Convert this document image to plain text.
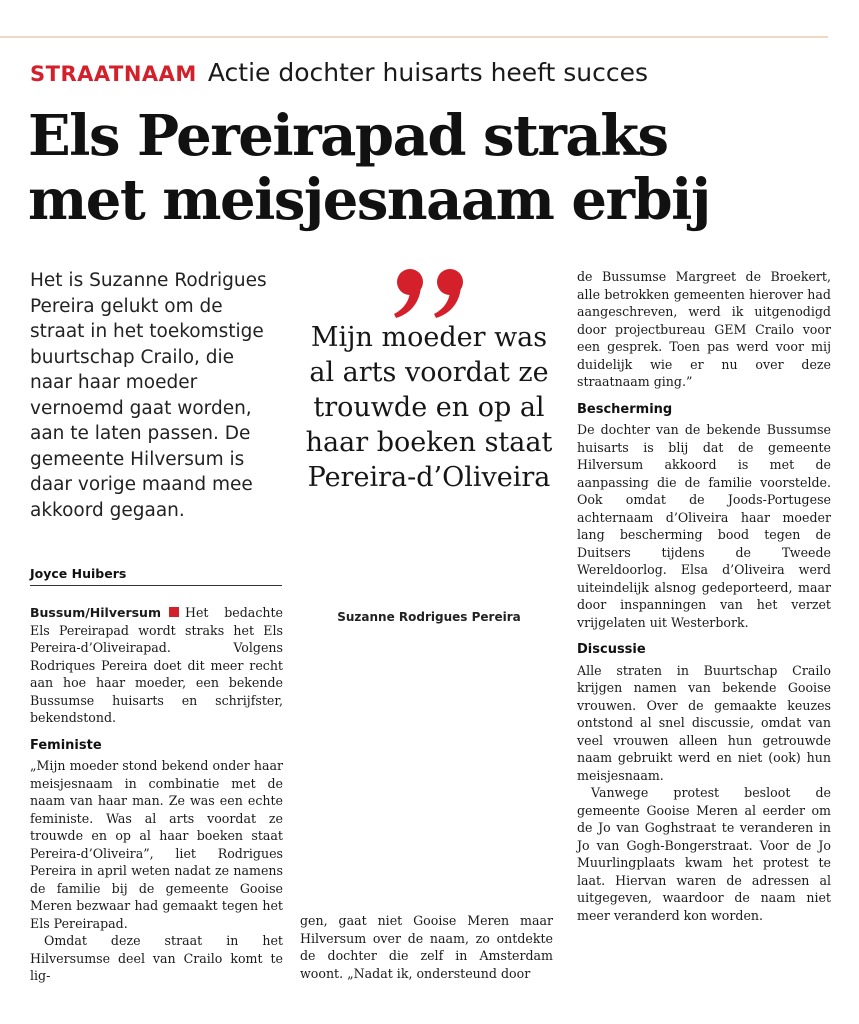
STRAATNAAM Actie dochter huisarts heeft succes
Els Pereirapad straks
met meisjesnaam erbij

Het is Suzanne Rodrigues Pereira gelukt om de straat in het toekomstige buurtschap Crailo, die naar haar moeder vernoemd gaat worden, aan te laten passen. De gemeente Hilversum is daar vorige maand mee akkoord gegaan.

Joyce Huibers

Bussum/Hilversum Het bedachte Els Pereirapad wordt straks het Els Pereira-d’Oliveirapad. Volgens Rodriques Pereira doet dit meer recht aan hoe haar moeder, een bekende Bussumse huisarts en schrijfster, bekendstond.

Feministe

„Mijn moeder stond bekend onder haar meisjesnaam in combinatie met de naam van haar man. Ze was een echte feministe. Was al arts voordat ze trouwde en op al haar boeken staat Pereira-d’Oliveira”, liet Rodrigues Pereira in april weten nadat ze namens de familie bij de gemeente Gooise Meren bezwaar had gemaakt tegen het Els Pereirapad.

Omdat deze straat in het Hilversumse deel van Crailo komt te lig-

Mijn moeder was al arts voordat ze trouwde en op al haar boeken staat Pereira-d’Oliveira

Suzanne Rodrigues Pereira

gen, gaat niet Gooise Meren maar Hilversum over de naam, zo ontdekte de dochter die zelf in Amsterdam woont. „Nadat ik, ondersteund door

de Bussumse Margreet de Broekert, alle betrokken gemeenten hierover had aangeschreven, werd ik uitgenodigd door projectbureau GEM Crailo voor een gesprek. Toen pas werd voor mij duidelijk wie er nu over deze straatnaam ging.”

Bescherming

De dochter van de bekende Bussumse huisarts is blij dat de gemeente Hilversum akkoord is met de aanpassing die de familie voorstelde. Ook omdat de Joods-Portugese achternaam d’Oliveira haar moeder lang bescherming bood tegen de Duitsers tijdens de Tweede Wereldoorlog. Elsa d’Oliveira werd uiteindelijk alsnog gedeporteerd, maar door inspanningen van het verzet vrijgelaten uit Westerbork.

Discussie

Alle straten in Buurtschap Crailo krijgen namen van bekende Gooise vrouwen. Over de gemaakte keuzes ontstond al snel discussie, omdat van veel vrouwen alleen hun getrouwde naam gebruikt werd en niet (ook) hun meisjesnaam.

Vanwege protest besloot de gemeente Gooise Meren al eerder om de Jo van Goghstraat te veranderen in Jo van Gogh-Bongerstraat. Voor de Jo Muurlingplaats kwam het protest te laat. Hiervan waren de adressen al uitgegeven, waardoor de naam niet meer veranderd kon worden.
